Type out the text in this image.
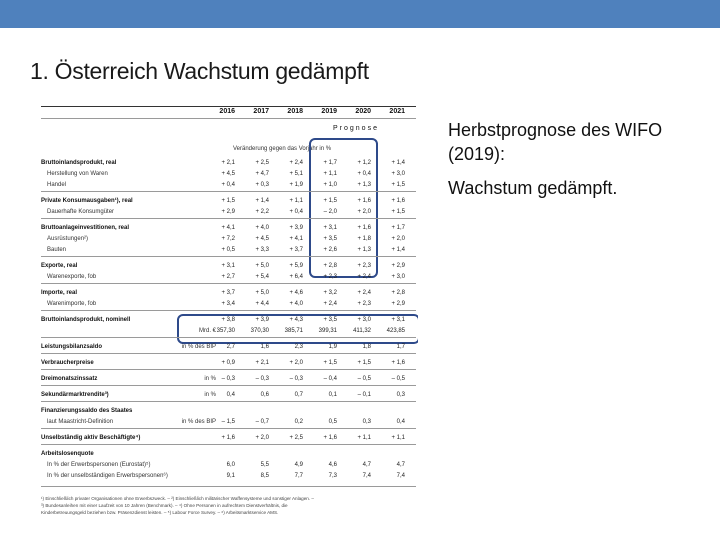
1. Österreich Wachstum gedämpft

Herbstprognose des WIFO (2019):

Wachstum gedämpft.

Prognose
Veränderung gegen das Vorjahr in %
2016	2017	2018	2019	2020	2021
Bruttoinlandsprodukt, real	+ 2,1	+ 2,5	+ 2,4	+ 1,7	+ 1,2	+ 1,4
Herstellung von Waren	+ 4,5	+ 4,7	+ 5,1	+ 1,1	+ 0,4	+ 3,0
Handel	+ 0,4	+ 0,3	+ 1,9	+ 1,0	+ 1,3	+ 1,5
Private Konsumausgaben¹), real	+ 1,5	+ 1,4	+ 1,1	+ 1,5	+ 1,6	+ 1,6
Dauerhafte Konsumgüter	+ 2,9	+ 2,2	+ 0,4	– 2,0	+ 2,0	+ 1,5
Bruttoanlageinvestitionen, real	+ 4,1	+ 4,0	+ 3,9	+ 3,1	+ 1,6	+ 1,7
Ausrüstungen²)	+ 7,2	+ 4,5	+ 4,1	+ 3,5	+ 1,8	+ 2,0
Bauten	+ 0,5	+ 3,3	+ 3,7	+ 2,6	+ 1,3	+ 1,4
Exporte, real	+ 3,1	+ 5,0	+ 5,9	+ 2,8	+ 2,3	+ 2,9
Warenexporte, fob	+ 2,7	+ 5,4	+ 6,4	+ 2,3	+ 2,4	+ 3,0
Importe, real	+ 3,7	+ 5,0	+ 4,6	+ 3,2	+ 2,4	+ 2,8
Warenimporte, fob	+ 3,4	+ 4,4	+ 4,0	+ 2,4	+ 2,3	+ 2,9
Bruttoinlandsprodukt, nominell	+ 3,8	+ 3,9	+ 4,3	+ 3,5	+ 3,0	+ 3,1
Mrd. € 357,30	370,30	385,71	399,31	411,32	423,85
Leistungsbilanzsaldo	in % des BIP	2,7	1,6	2,3	1,9	1,8	1,7
Verbraucherpreise	+ 0,9	+ 2,1	+ 2,0	+ 1,5	+ 1,5	+ 1,6
Dreimonatszinssatz	in % – 0,3	– 0,3	– 0,3	– 0,4	– 0,5	– 0,5
Sekundärmarktrendite³)	in %	0,4	0,6	0,7	0,1	– 0,1	0,3
Finanzierungssaldo des Staates
laut Maastricht-Definition	in % des BIP – 1,5	– 0,7	0,2	0,5	0,3	0,4
Unselbständig aktiv Beschäftigte⁴)	+ 1,6	+ 2,0	+ 2,5	+ 1,6	+ 1,1	+ 1,1
Arbeitslosenquote
In % der Erwerbspersonen (Eurostat)⁵)	6,0	5,5	4,9	4,6	4,7	4,7
In % der unselbständigen Erwerbspersonen⁶)	9,1	8,5	7,7	7,3	7,4	7,4
¹) Einschließlich privater Organisationen ohne Erwerbszweck. – ²) Einschließlich militärischer Waffensysteme und sonstiger Anlagen. –
³) Bundesanleihen mit einer Laufzeit von 10 Jahren (Benchmark). – ⁴) Ohne Personen in aufrechtem Dienstverhältnis, die
Kinderbetreuungsgeld beziehen bzw. Präsenzdienst leisten. – ⁵) Labour Force Survey. – ⁶) Arbeitsmarktservice AMS.
